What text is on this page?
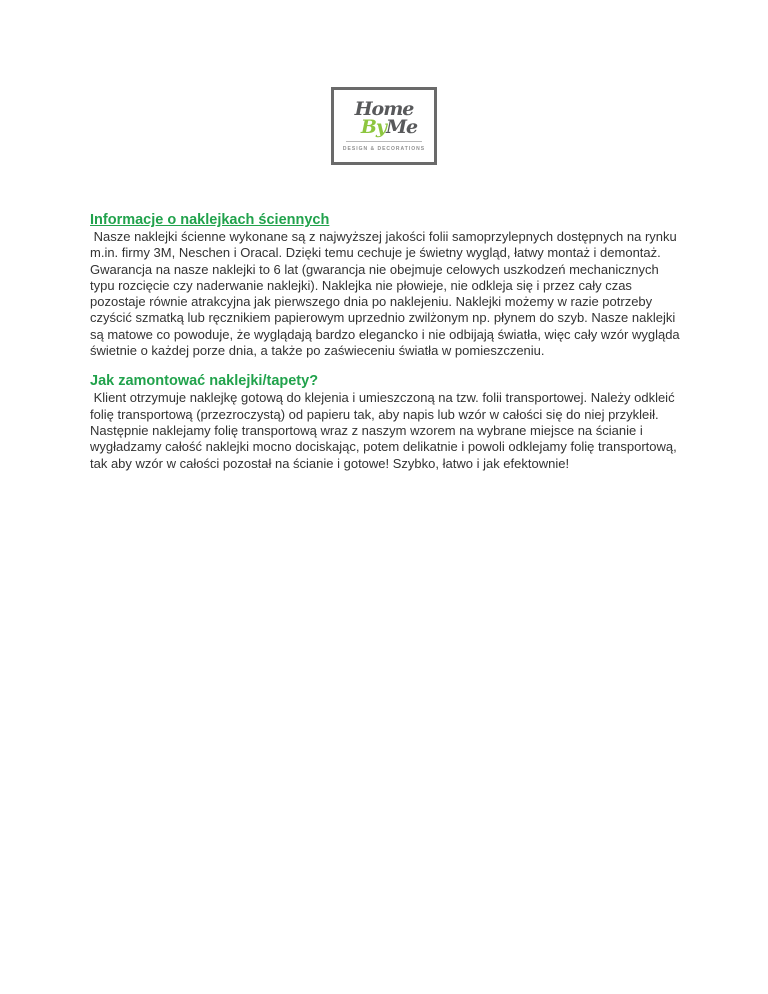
Home
ByMe
DESIGN & DECORATIONS
Informacje o naklejkach ściennych
Nasze naklejki ścienne wykonane są z najwyższej jakości folii samoprzylepnych dostępnych na rynku m.in. firmy 3M, Neschen i Oracal. Dzięki temu cechuje je świetny wygląd, łatwy montaż i demontaż. Gwarancja na nasze naklejki to 6 lat (gwarancja nie obejmuje celowych uszkodzeń mechanicznych typu rozcięcie czy naderwanie naklejki). Naklejka nie płowieje, nie odkleja się i przez cały czas pozostaje równie atrakcyjna jak pierwszego dnia po naklejeniu. Naklejki możemy w razie potrzeby czyścić szmatką lub ręcznikiem papierowym uprzednio zwilżonym np. płynem do szyb. Nasze naklejki są matowe co powoduje, że wyglądają bardzo elegancko i nie odbijają światła, więc cały wzór wygląda świetnie o każdej porze dnia, a także po zaświeceniu światła w pomieszczeniu.
Jak zamontować naklejki/tapety?
Klient otrzymuje naklejkę gotową do klejenia i umieszczoną na tzw. folii transportowej. Należy odkleić folię transportową (przezroczystą) od papieru tak, aby napis lub wzór w całości się do niej przykleił. Następnie naklejamy folię transportową wraz z naszym wzorem na wybrane miejsce na ścianie i wygładzamy całość naklejki mocno dociskając, potem delikatnie i powoli odklejamy folię transportową, tak aby wzór w całości pozostał na ścianie i gotowe! Szybko, łatwo i jak efektownie!
